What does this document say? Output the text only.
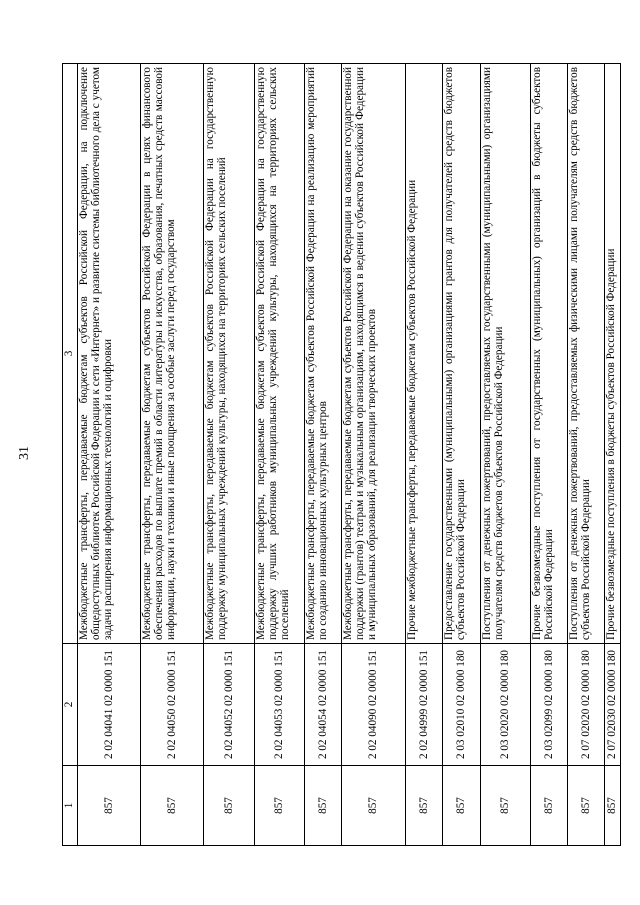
31
1	2	3
857	2 02 04041 02 0000 151	Межбюджетные трансферты, передаваемые бюджетам субъектов Российской Федерации, на подключение общедоступных библиотек Российской Федерации к сети «Интернет» и развитие системы библиотечного дела с учетом задачи расширения информационных технологий и оцифровки
857	2 02 04050 02 0000 151	Межбюджетные трансферты, передаваемые бюджетам субъектов Российской Федерации в целях финансового обеспечения расходов по выплате премий в области литературы и искусства, образования, печатных средств массовой информации, науки и техники и иные поощрения за особые заслуги перед государством
857	2 02 04052 02 0000 151	Межбюджетные трансферты, передаваемые бюджетам субъектов Российской Федерации на государственную поддержку муниципальных учреждений культуры, находящихся на территориях сельских поселений
857	2 02 04053 02 0000 151	Межбюджетные трансферты, передаваемые бюджетам субъектов Российской Федерации на государственную поддержку лучших работников муниципальных учреждений культуры, находящихся на территориях сельских поселений
857	2 02 04054 02 0000 151	Межбюджетные трансферты, передаваемые бюджетам субъектов Российской Федерации на реализацию мероприятий по созданию инновационных культурных центров
857	2 02 04090 02 0000 151	Межбюджетные трансферты, передаваемые бюджетам субъектов Российской Федерации на оказание государственной поддержки (грантов) театрам и музыкальным организациям, находящимся в ведении субъектов Российской Федерации и муниципальных образований, для реализации творческих проектов
857	2 02 04999 02 0000 151	Прочие межбюджетные трансферты, передаваемые бюджетам субъектов Российской Федерации
857	2 03 02010 02 0000 180	Предоставление государственными (муниципальными) организациями грантов для получателей средств бюджетов субъектов Российской Федерации
857	2 03 02020 02 0000 180	Поступления от денежных пожертвований, предоставляемых государственными (муниципальными) организациями получателям средств бюджетов субъектов Российской Федерации
857	2 03 02099 02 0000 180	Прочие безвозмездные поступления от государственных (муниципальных) организаций в бюджеты субъектов Российской Федерации
857	2 07 02020 02 0000 180	Поступления от денежных пожертвований, предоставляемых физическими лицами получателям средств бюджетов субъектов Российской Федерации
857	2 07 02030 02 0000 180	Прочие безвозмездные поступления в бюджеты субъектов Российской Федерации
